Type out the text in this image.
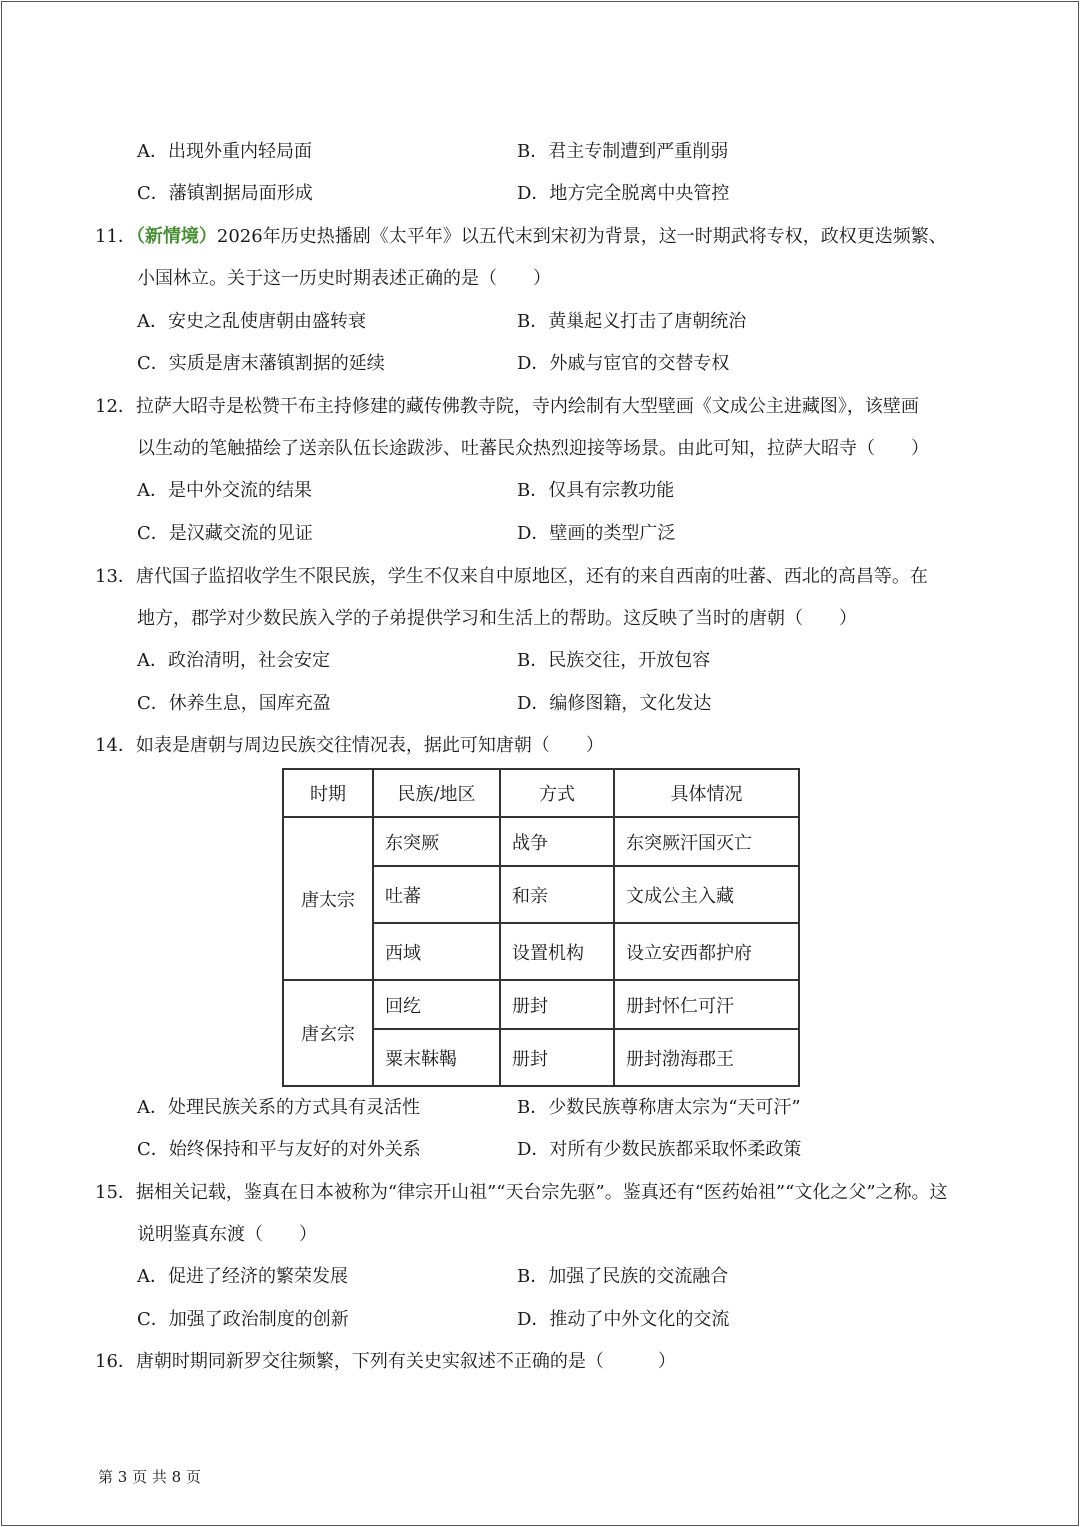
A．出现外重内轻局面	B．君主专制遭到严重削弱
C．藩镇割据局面形成	D．地方完全脱离中央管控
11．（新情境）2026年历史热播剧《太平年》以五代末到宋初为背景，这一时期武将专权，政权更迭频繁、
小国林立。关于这一历史时期表述正确的是（　　）
A．安史之乱使唐朝由盛转衰	B．黄巢起义打击了唐朝统治
C．实质是唐末藩镇割据的延续	D．外戚与宦官的交替专权
12．拉萨大昭寺是松赞干布主持修建的藏传佛教寺院，寺内绘制有大型壁画《文成公主进藏图》，该壁画
以生动的笔触描绘了送亲队伍长途跋涉、吐蕃民众热烈迎接等场景。由此可知，拉萨大昭寺（　　）
A．是中外交流的结果	B．仅具有宗教功能
C．是汉藏交流的见证	D．壁画的类型广泛
13．唐代国子监招收学生不限民族，学生不仅来自中原地区，还有的来自西南的吐蕃、西北的高昌等。在
地方，郡学对少数民族入学的子弟提供学习和生活上的帮助。这反映了当时的唐朝（　　）
A．政治清明，社会安定	B．民族交往，开放包容
C．休养生息，国库充盈	D．编修图籍，文化发达
14．如表是唐朝与周边民族交往情况表，据此可知唐朝（　　）
时期	民族/地区	方式	具体情况
唐太宗	东突厥	战争	东突厥汗国灭亡
	吐蕃	和亲	文成公主入藏
	西域	设置机构	设立安西都护府
唐玄宗	回纥	册封	册封怀仁可汗
	粟末靺鞨	册封	册封渤海郡王
A．处理民族关系的方式具有灵活性	B．少数民族尊称唐太宗为“天可汗”
C．始终保持和平与友好的对外关系	D．对所有少数民族都采取怀柔政策
15．据相关记载，鉴真在日本被称为“律宗开山祖”“天台宗先驱”。鉴真还有“医药始祖”“文化之父”之称。这
说明鉴真东渡（　　）
A．促进了经济的繁荣发展	B．加强了民族的交流融合
C．加强了政治制度的创新	D．推动了中外文化的交流
16．唐朝时期同新罗交往频繁，下列有关史实叙述不正确的是（　　　）
第 3 页 共 8 页
